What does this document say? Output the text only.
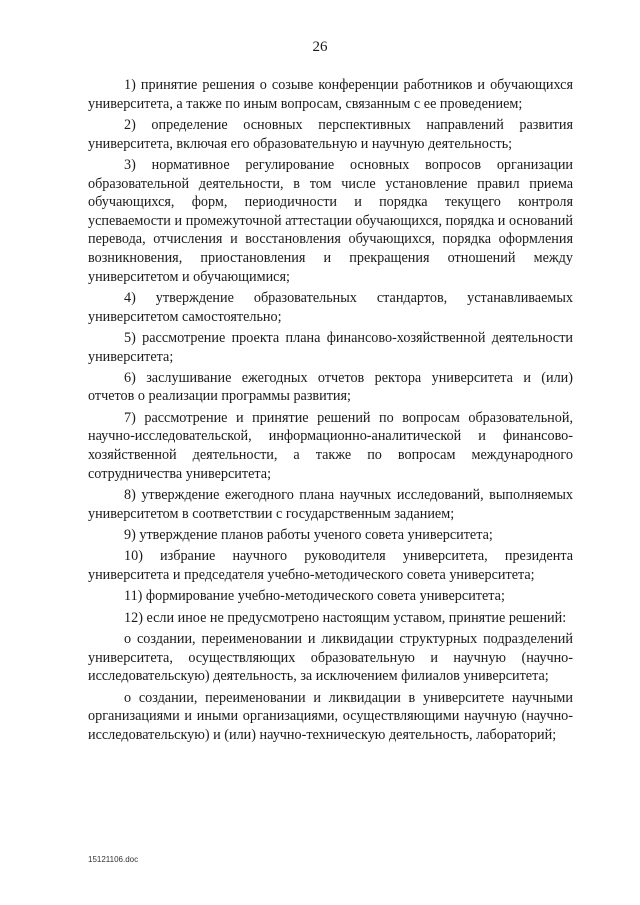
26

1) принятие решения о созыве конференции работников и обучающихся университета, а также по иным вопросам, связанным с ее проведением;

2) определение основных перспективных направлений развития университета, включая его образовательную и научную деятельность;

3) нормативное регулирование основных вопросов организации образовательной деятельности, в том числе установление правил приема обучающихся, форм, периодичности и порядка текущего контроля успеваемости и промежуточной аттестации обучающихся, порядка и оснований перевода, отчисления и восстановления обучающихся, порядка оформления возникновения, приостановления и прекращения отношений между университетом и обучающимися;

4) утверждение образовательных стандартов, устанавливаемых университетом самостоятельно;

5) рассмотрение проекта плана финансово-хозяйственной деятельности университета;

6) заслушивание ежегодных отчетов ректора университета и (или) отчетов о реализации программы развития;

7) рассмотрение и принятие решений по вопросам образовательной, научно-исследовательской, информационно-аналитической и финансово-хозяйственной деятельности, а также по вопросам международного сотрудничества университета;

8) утверждение ежегодного плана научных исследований, выполняемых университетом в соответствии с государственным заданием;

9) утверждение планов работы ученого совета университета;

10) избрание научного руководителя университета, президента университета и председателя учебно-методического совета университета;

11) формирование учебно-методического совета университета;

12) если иное не предусмотрено настоящим уставом, принятие решений:

о создании, переименовании и ликвидации структурных подразделений университета, осуществляющих образовательную и научную (научно-исследовательскую) деятельность, за исключением филиалов университета;

о создании, переименовании и ликвидации в университете научными организациями и иными организациями, осуществляющими научную (научно-исследовательскую) и (или) научно-техническую деятельность, лабораторий;

15121106.doc
